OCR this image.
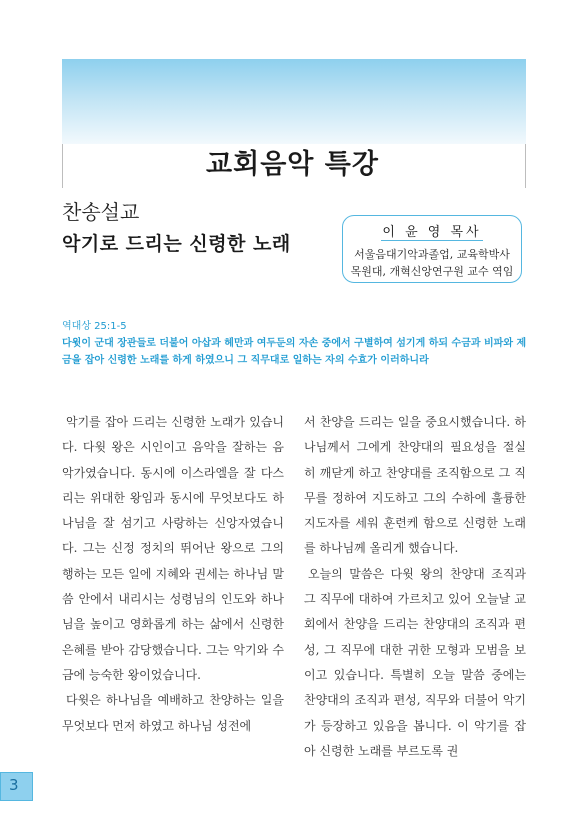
교회음악 특강
찬송설교
악기로 드리는 신령한 노래
이 윤 영 목사
서울음대기악과졸업, 교육학박사
목원대, 개혁신앙연구원 교수 역임
역대상 25:1-5
다윗이 군대 장관들로 더불어 아삽과 헤만과 여두둔의 자손 중에서 구별하여 섬기게 하되 수금과 비파와 제금을 잡아 신령한 노래를 하게 하였으니 그 직무대로 일하는 자의 수효가 이러하니라

악기를 잡아 드리는 신령한 노래가 있습니다. 다윗 왕은 시인이고 음악을 잘하는 음악가였습니다. 동시에 이스라엘을 잘 다스리는 위대한 왕임과 동시에 무엇보다도 하나님을 잘 섬기고 사랑하는 신앙자였습니다. 그는 신정 정치의 뛰어난 왕으로 그의 행하는 모든 일에 지혜와 권세는 하나님 말씀 안에서 내리시는 성령님의 인도와 하나님을 높이고 영화롭게 하는 삶에서 신령한 은혜를 받아 감당했습니다. 그는 악기와 수금에 능숙한 왕이었습니다.

다윗은 하나님을 예배하고 찬양하는 일을 무엇보다 먼저 하였고 하나님 성전에

서 찬양을 드리는 일을 중요시했습니다. 하나님께서 그에게 찬양대의 필요성을 절실히 깨닫게 하고 찬양대를 조직함으로 그 직무를 정하여 지도하고 그의 수하에 훌륭한 지도자를 세워 훈련케 함으로 신령한 노래를 하나님께 올리게 했습니다.

오늘의 말씀은 다윗 왕의 찬양대 조직과 그 직무에 대하여 가르치고 있어 오늘날 교회에서 찬양을 드리는 찬양대의 조직과 편성, 그 직무에 대한 귀한 모형과 모범을 보이고 있습니다. 특별히 오늘 말씀 중에는 찬양대의 조직과 편성, 직무와 더불어 악기가 등장하고 있음을 봅니다. 이 악기를 잡아 신령한 노래를 부르도록 권

3
